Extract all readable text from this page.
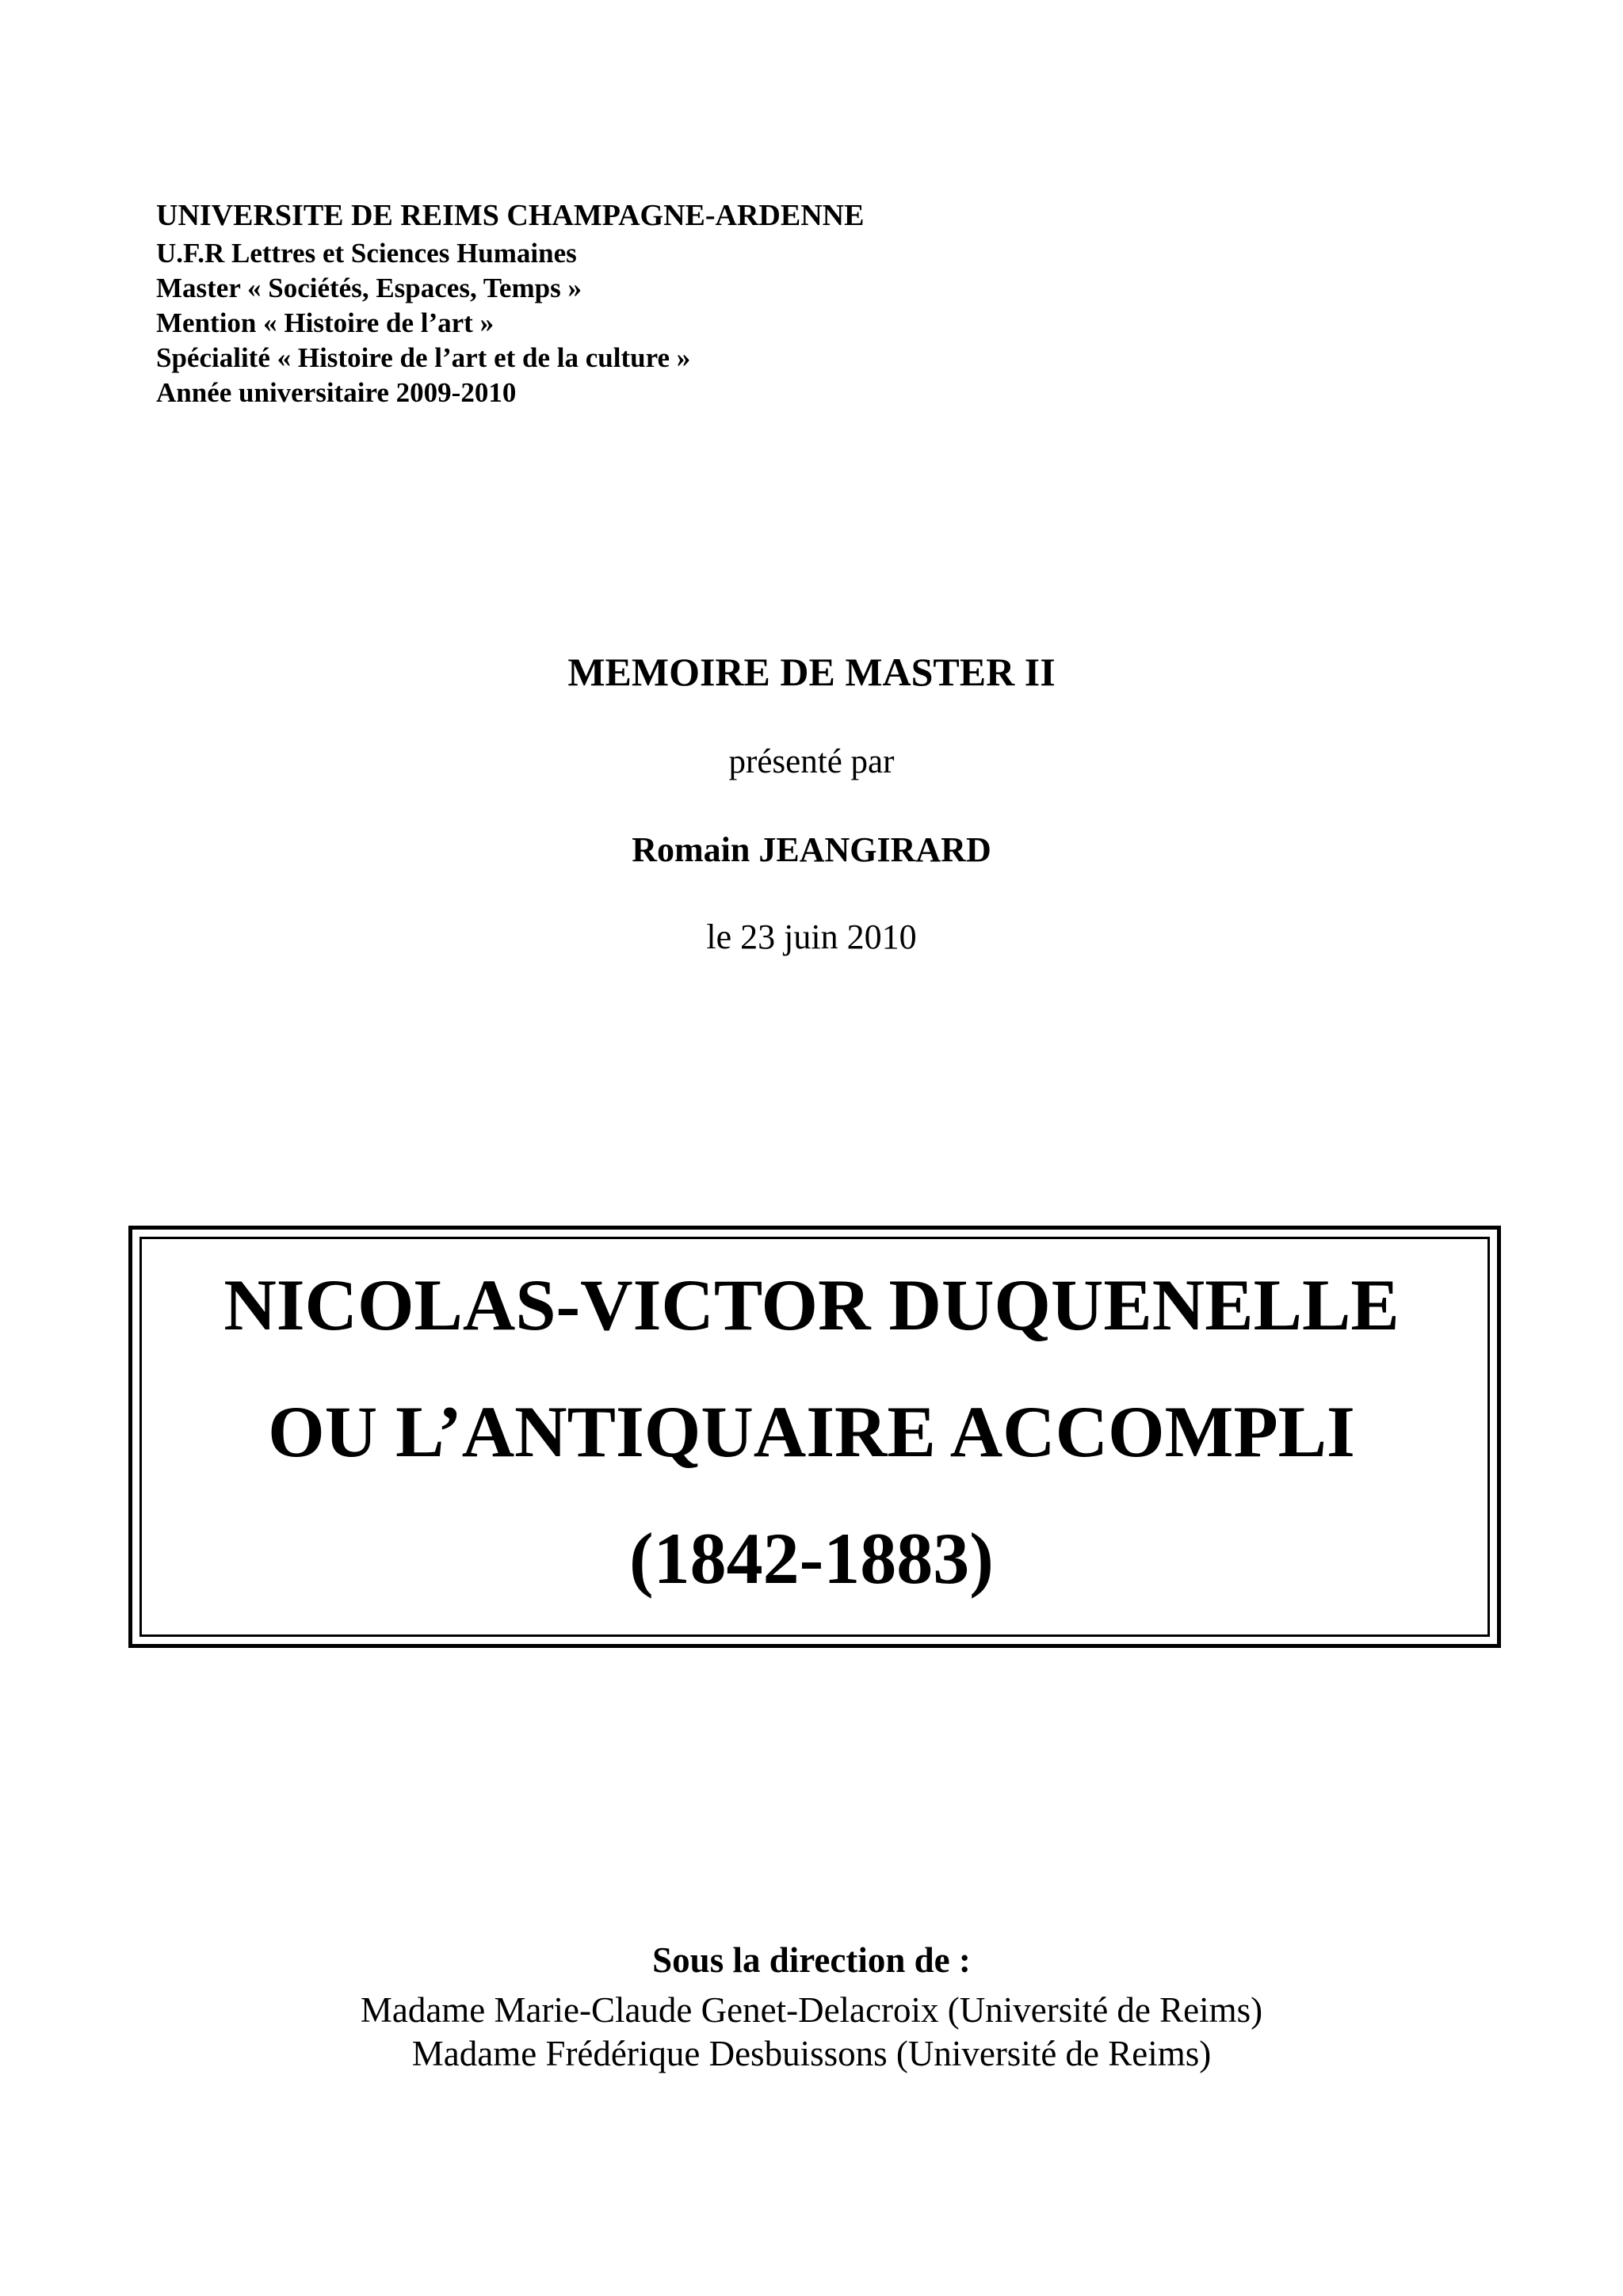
UNIVERSITE DE REIMS CHAMPAGNE-ARDENNE
U.F.R Lettres et Sciences Humaines
Master « Sociétés, Espaces, Temps »
Mention « Histoire de l’art »
Spécialité « Histoire de l’art et de la culture »
Année universitaire 2009-2010
MEMOIRE DE MASTER II
présenté par
Romain JEANGIRARD
le 23 juin 2010
NICOLAS-VICTOR DUQUENELLE
OU L’ANTIQUAIRE ACCOMPLI
(1842-1883)
Sous la direction de :
Madame Marie-Claude Genet-Delacroix (Université de Reims)
Madame Frédérique Desbuissons (Université de Reims)
